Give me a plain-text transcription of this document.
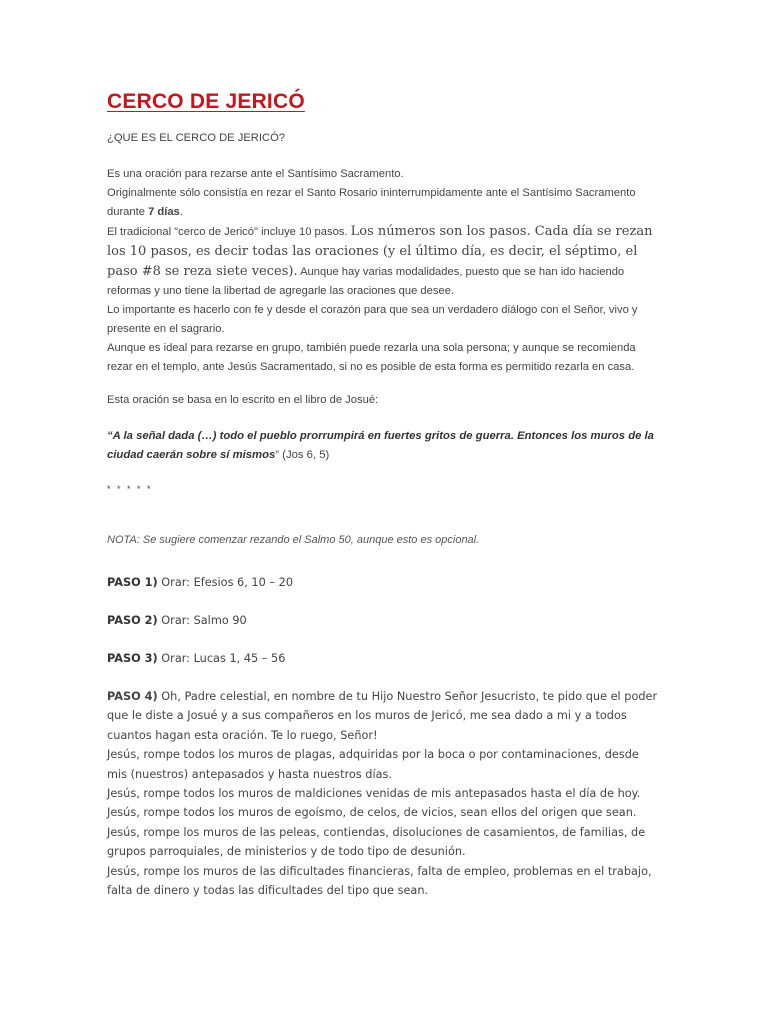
CERCO DE JERICÓ
¿QUE ES EL CERCO DE JERICÓ?

Es una oración para rezarse ante el Santísimo Sacramento.

Originalmente sólo consistía en rezar el Santo Rosario ininterrumpidamente ante el Santísimo Sacramento durante 7 días.

El tradicional "cerco de Jericó" incluye 10 pasos. Los números son los pasos. Cada día se rezan los 10 pasos, es decir todas las oraciones (y el último día, es decir, el séptimo, el paso #8 se reza siete veces). Aunque hay varias modalidades, puesto que se han ido haciendo reformas y uno tiene la libertad de agregarle las oraciones que desee.

Lo importante es hacerlo con fe y desde el corazón para que sea un verdadero diálogo con el Señor, vivo y presente en el sagrario.

Aunque es ideal para rezarse en grupo, también puede rezarla una sola persona; y aunque se recomienda rezar en el templo, ante Jesús Sacramentado, si no es posible de esta forma es permitido rezarla en casa.

Esta oración se basa en lo escrito en el libro de Josué:
“A la señal dada (…) todo el pueblo prorrumpirá en fuertes gritos de guerra. Entonces los muros de la ciudad caerán sobre sí mismos” (Jos 6, 5)
* * * * *
NOTA: Se sugiere comenzar rezando el Salmo 50, aunque esto es opcional.

PASO 1) Orar: Efesios 6, 10 – 20

PASO 2) Orar: Salmo 90

PASO 3) Orar: Lucas 1, 45 – 56

PASO 4) Oh, Padre celestial, en nombre de tu Hijo Nuestro Señor Jesucristo, te pido que el poder que le diste a Josué y a sus compañeros en los muros de Jericó, me sea dado a mi y a todos cuantos hagan esta oración. Te lo ruego, Señor!
Jesús, rompe todos los muros de plagas, adquiridas por la boca o por contaminaciones, desde mis (nuestros) antepasados y hasta nuestros días.
Jesús, rompe todos los muros de maldiciones venidas de mis antepasados hasta el día de hoy.
Jesús, rompe todos los muros de egoísmo, de celos, de vicios, sean ellos del origen que sean.
Jesús, rompe los muros de las peleas, contiendas, disoluciones de casamientos, de familias, de grupos parroquiales, de ministerios y de todo tipo de desunión.
Jesús, rompe los muros de las dificultades financieras, falta de empleo, problemas en el trabajo, falta de dinero y todas las dificultades del tipo que sean.
